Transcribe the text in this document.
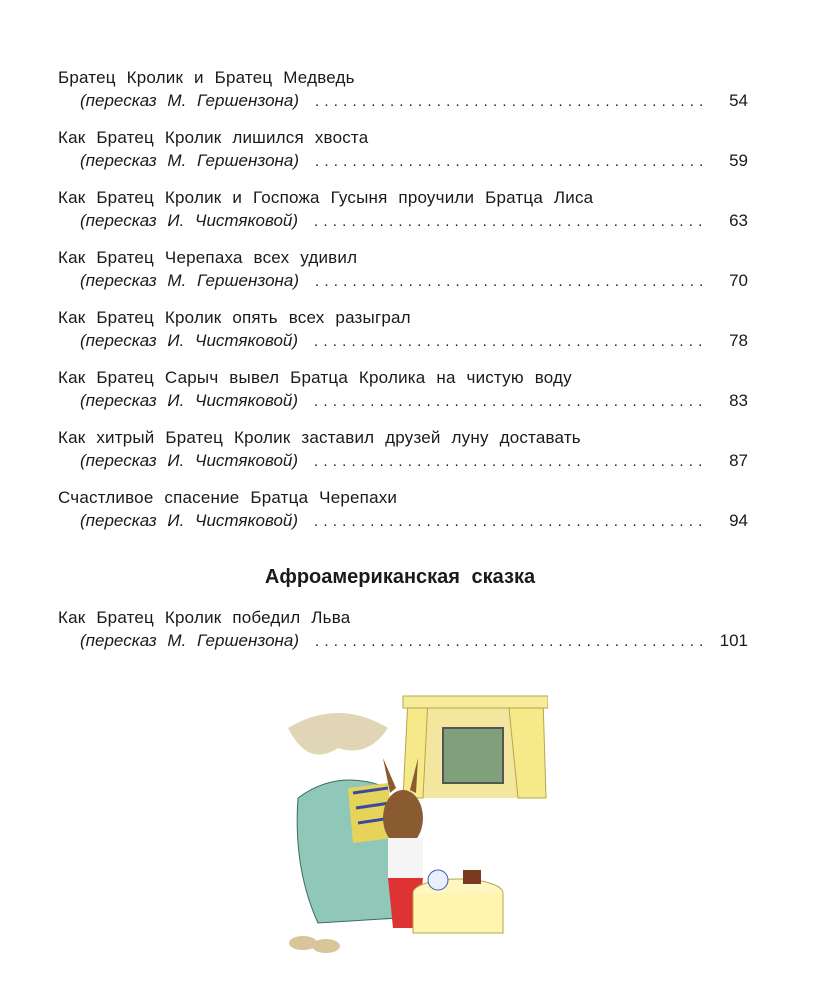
Братец Кролик и Братец Медведь
(пересказ М. Гершензона) .....	54
Как Братец Кролик лишился хвоста
(пересказ М. Гершензона) .....	59
Как Братец Кролик и Госпожа Гусыня проучили Братца Лиса
(пересказ И. Чистяковой) .....	63
Как Братец Черепаха всех удивил
(пересказ М. Гершензона) .....	70
Как Братец Кролик опять всех разыграл
(пересказ И. Чистяковой) .....	78
Как Братец Сарыч вывел Братца Кролика на чистую воду
(пересказ И. Чистяковой) .....	83
Как хитрый Братец Кролик заставил друзей луну доставать
(пересказ И. Чистяковой) .....	87
Счастливое спасение Братца Черепахи
(пересказ И. Чистяковой) .....	94
Афроамериканская сказка
Как Братец Кролик победил Льва
(пересказ М. Гершензона) .....	101
